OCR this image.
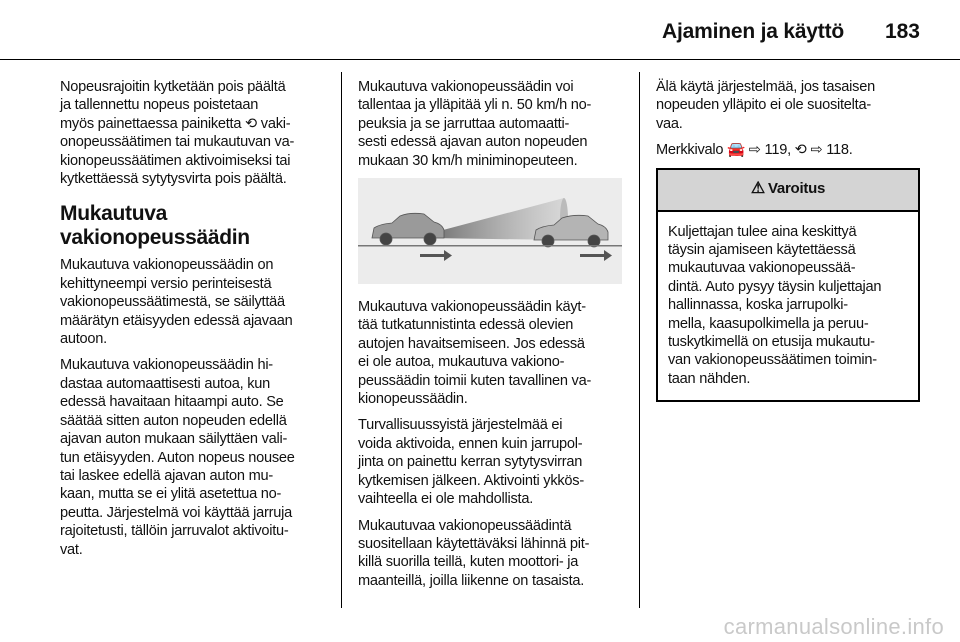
Ajaminen ja käyttö 183

Nopeusrajoitin kytketään pois päältä
ja tallennettu nopeus poistetaan
myös painettaessa painiketta ⟲ vaki-
onopeussäätimen tai mukautuvan va-
kionopeussäätimen aktivoimiseksi tai
kytkettäessä sytytysvirta pois päältä.

Mukautuva
vakionopeussäädin

Mukautuva vakionopeussäädin on
kehittyneempi versio perinteisestä
vakionopeussäätimestä, se säilyttää
määrätyn etäisyyden edessä ajavaan
autoon.

Mukautuva vakionopeussäädin hi-
dastaa automaattisesti autoa, kun
edessä havaitaan hitaampi auto. Se
säätää sitten auton nopeuden edellä
ajavan auton mukaan säilyttäen vali-
tun etäisyyden. Auton nopeus nousee
tai laskee edellä ajavan auton mu-
kaan, mutta se ei ylitä asetettua no-
peutta. Järjestelmä voi käyttää jarruja
rajoitetusti, tällöin jarruvalot aktivoitu-
vat.

Mukautuva vakionopeussäädin voi
tallentaa ja ylläpitää yli n. 50 km/h no-
peuksia ja se jarruttaa automaatti-
sesti edessä ajavan auton nopeuden
mukaan 30 km/h miniminopeuteen.

Mukautuva vakionopeussäädin käyt-
tää tutkatunnistinta edessä olevien
autojen havaitsemiseen. Jos edessä
ei ole autoa, mukautuva vakiono-
peussäädin toimii kuten tavallinen va-
kionopeussäädin.

Turvallisuussyistä järjestelmää ei
voida aktivoida, ennen kuin jarrupol-
jinta on painettu kerran sytytysvirran
kytkemisen jälkeen. Aktivointi ykkös-
vaihteella ei ole mahdollista.

Mukautuvaa vakionopeussäädintä
suositellaan käytettäväksi lähinnä pit-
killä suorilla teillä, kuten moottori- ja
maanteillä, joilla liikenne on tasaista.

Älä käytä järjestelmää, jos tasaisen
nopeuden ylläpito ei ole suositelta-
vaa.

Merkkivalo 🚘 ⇨ 119, ⟲ ⇨ 118.

⚠ Varoitus
Kuljettajan tulee aina keskittyä
täysin ajamiseen käytettäessä
mukautuvaa vakionopeussää-
dintä. Auto pysyy täysin kuljettajan
hallinnassa, koska jarrupolki-
mella, kaasupolkimella ja peruu-
tuskytkimellä on etusija mukautu-
van vakionopeussäätimen toimin-
taan nähden.
carmanualsonline.info
